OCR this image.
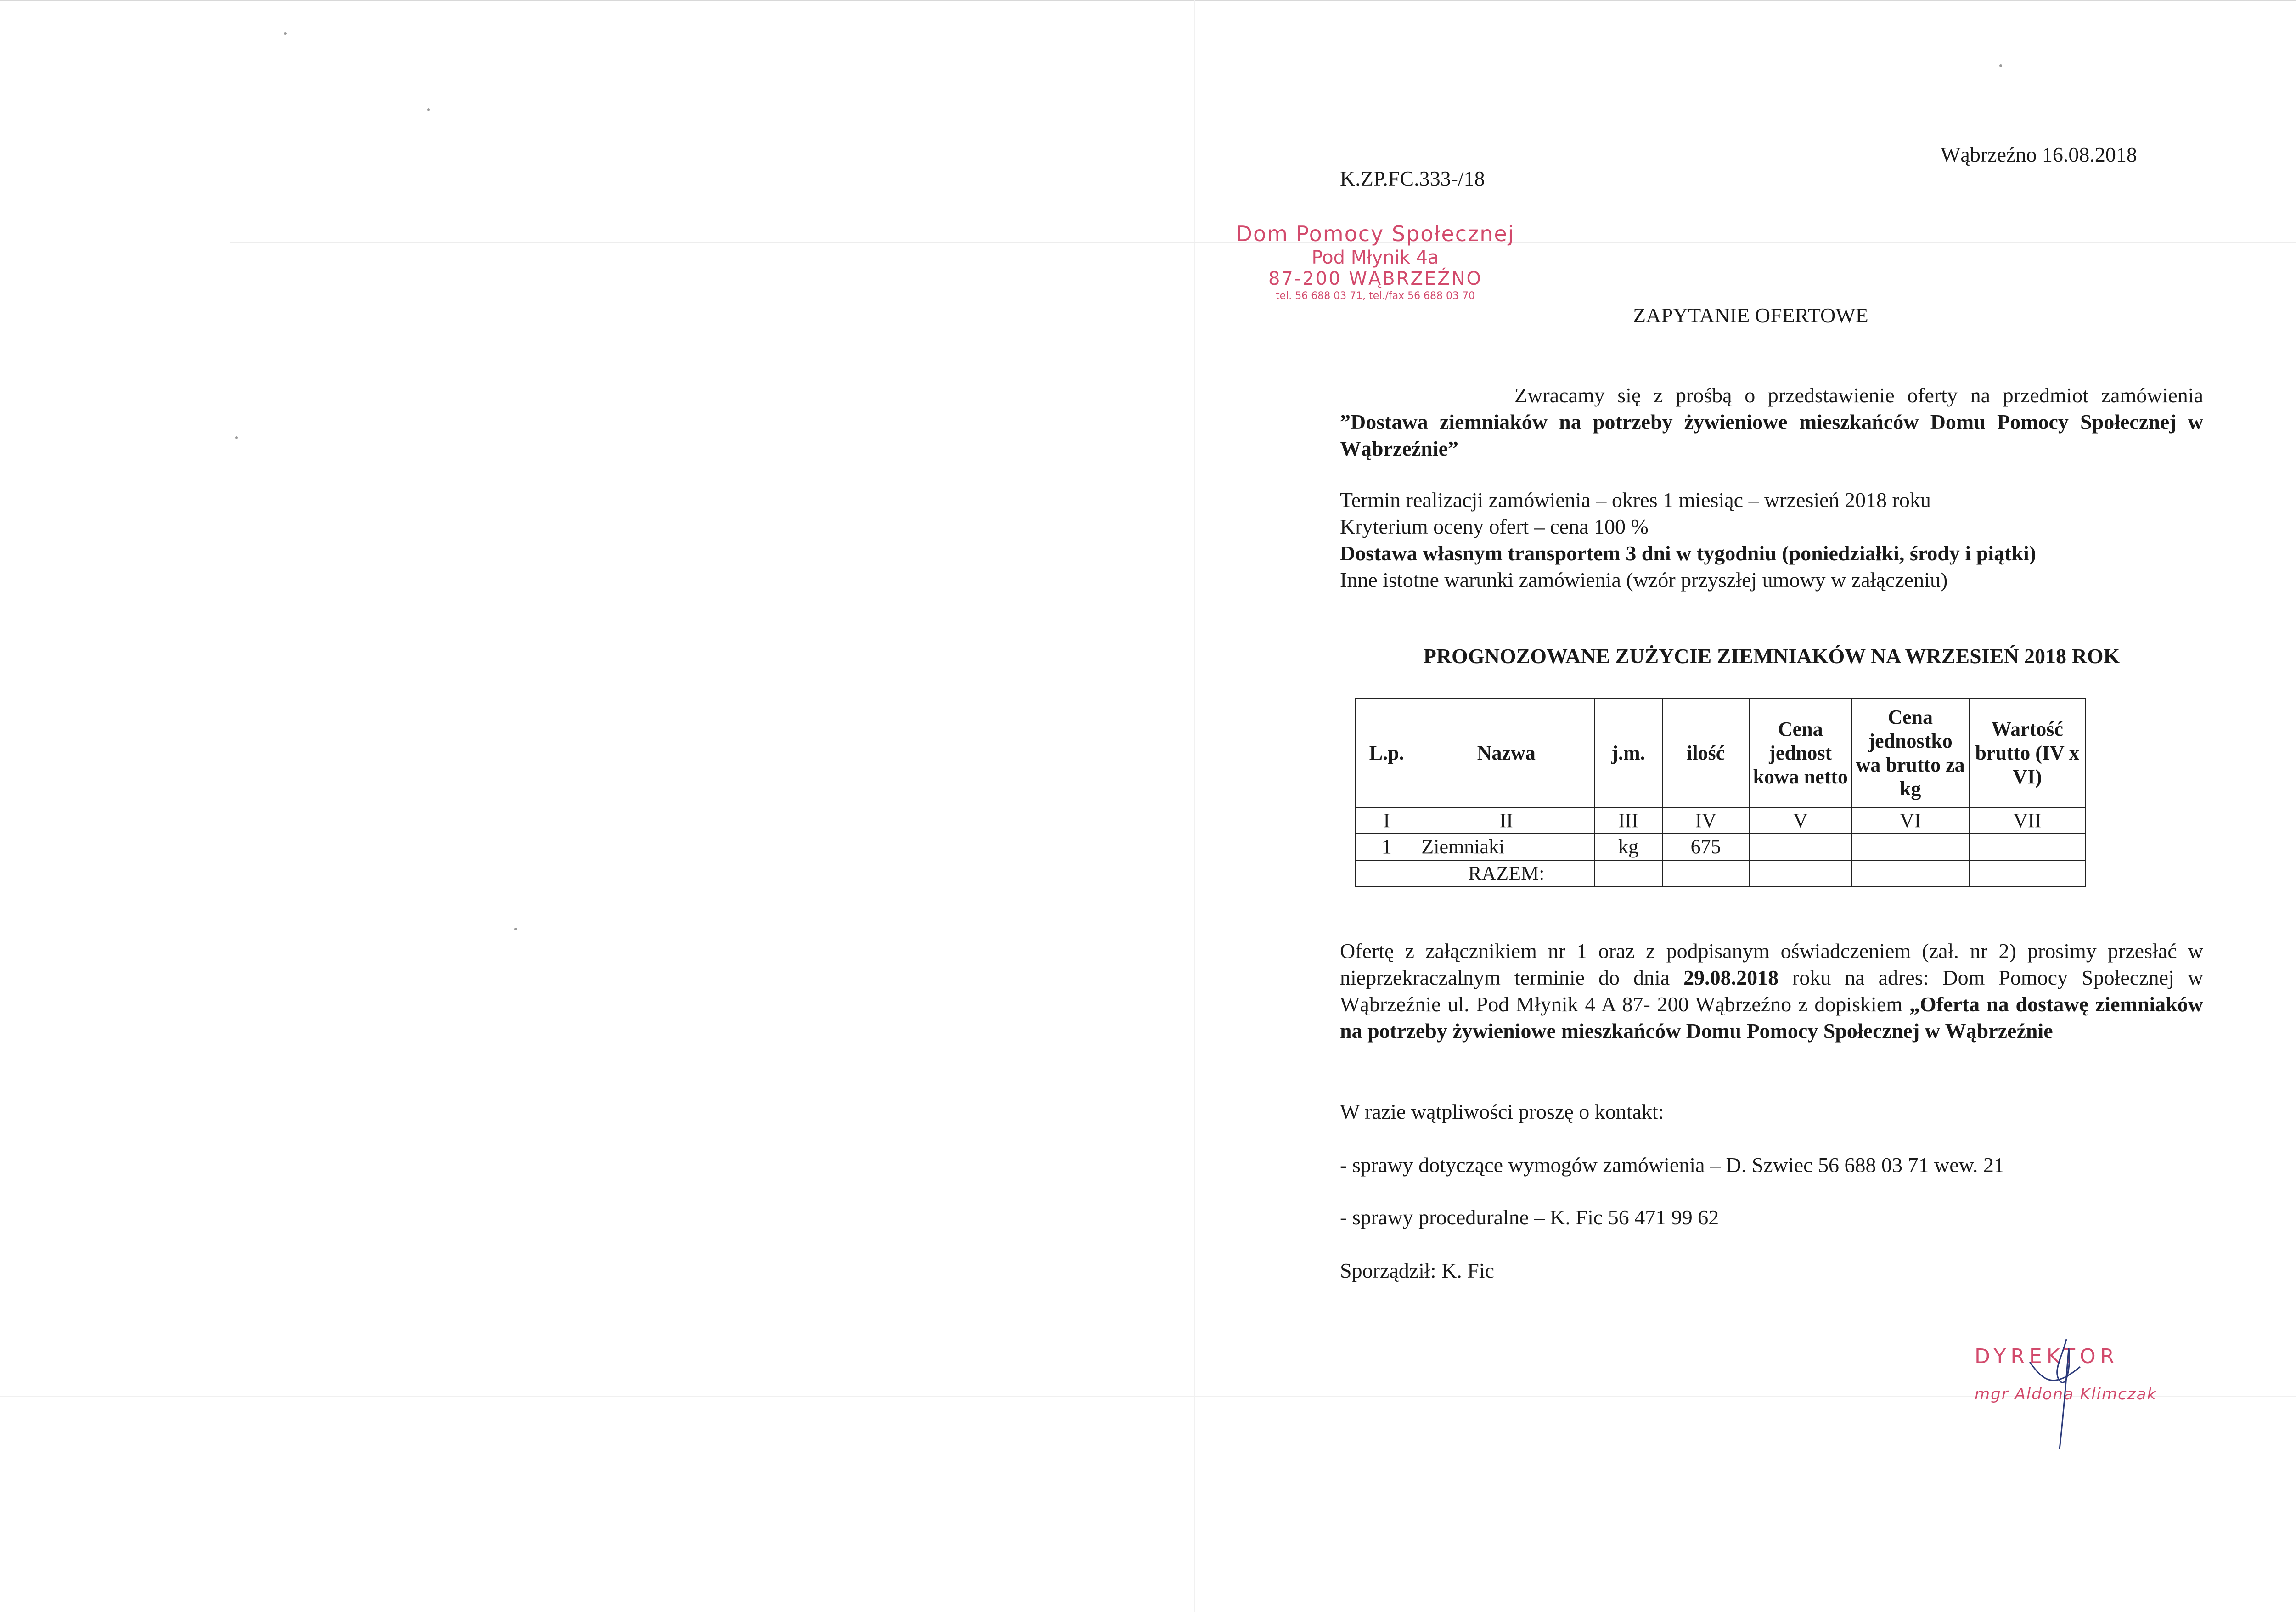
K.ZP.FC.333-/18
Wąbrzeźno 16.08.2018
Dom Pomocy Społecznej
Pod Młynik 4a
87-200 WĄBRZEŹNO
tel. 56 688 03 71, tel./fax 56 688 03 70
ZAPYTANIE OFERTOWE
Zwracamy się z prośbą o przedstawienie oferty na przedmiot zamówienia ”Dostawa ziemniaków na potrzeby żywieniowe mieszkańców Domu Pomocy Społecznej w Wąbrzeźnie”
Termin realizacji zamówienia – okres 1 miesiąc – wrzesień 2018 roku
Kryterium oceny ofert – cena 100 %
Dostawa własnym transportem 3 dni w tygodniu (poniedziałki, środy i piątki)
Inne istotne warunki zamówienia (wzór przyszłej umowy w załączeniu)
PROGNOZOWANE ZUŻYCIE ZIEMNIAKÓW NA WRZESIEŃ 2018 ROK
L.p.	Nazwa	j.m.	ilość	Cena jednost kowa netto	Cena jednostko wa brutto za kg	Wartość brutto (IV x VI)
I	II	III	IV	V	VI	VII
1	Ziemniaki	kg	675			
	RAZEM:					
Ofertę z załącznikiem nr 1 oraz z podpisanym oświadczeniem (zał. nr 2) prosimy przesłać w nieprzekraczalnym terminie do dnia 29.08.2018 roku na adres: Dom Pomocy Społecznej w Wąbrzeźnie ul. Pod Młynik 4 A 87- 200 Wąbrzeźno z dopiskiem „Oferta na dostawę ziemniaków na potrzeby żywieniowe mieszkańców Domu Pomocy Społecznej w Wąbrzeźnie
W razie wątpliwości proszę o kontakt:
- sprawy dotyczące wymogów zamówienia – D. Szwiec 56 688 03 71 wew. 21
- sprawy proceduralne – K. Fic 56 471 99 62
Sporządził: K. Fic
DYREKTOR
mgr Aldona Klimczak
